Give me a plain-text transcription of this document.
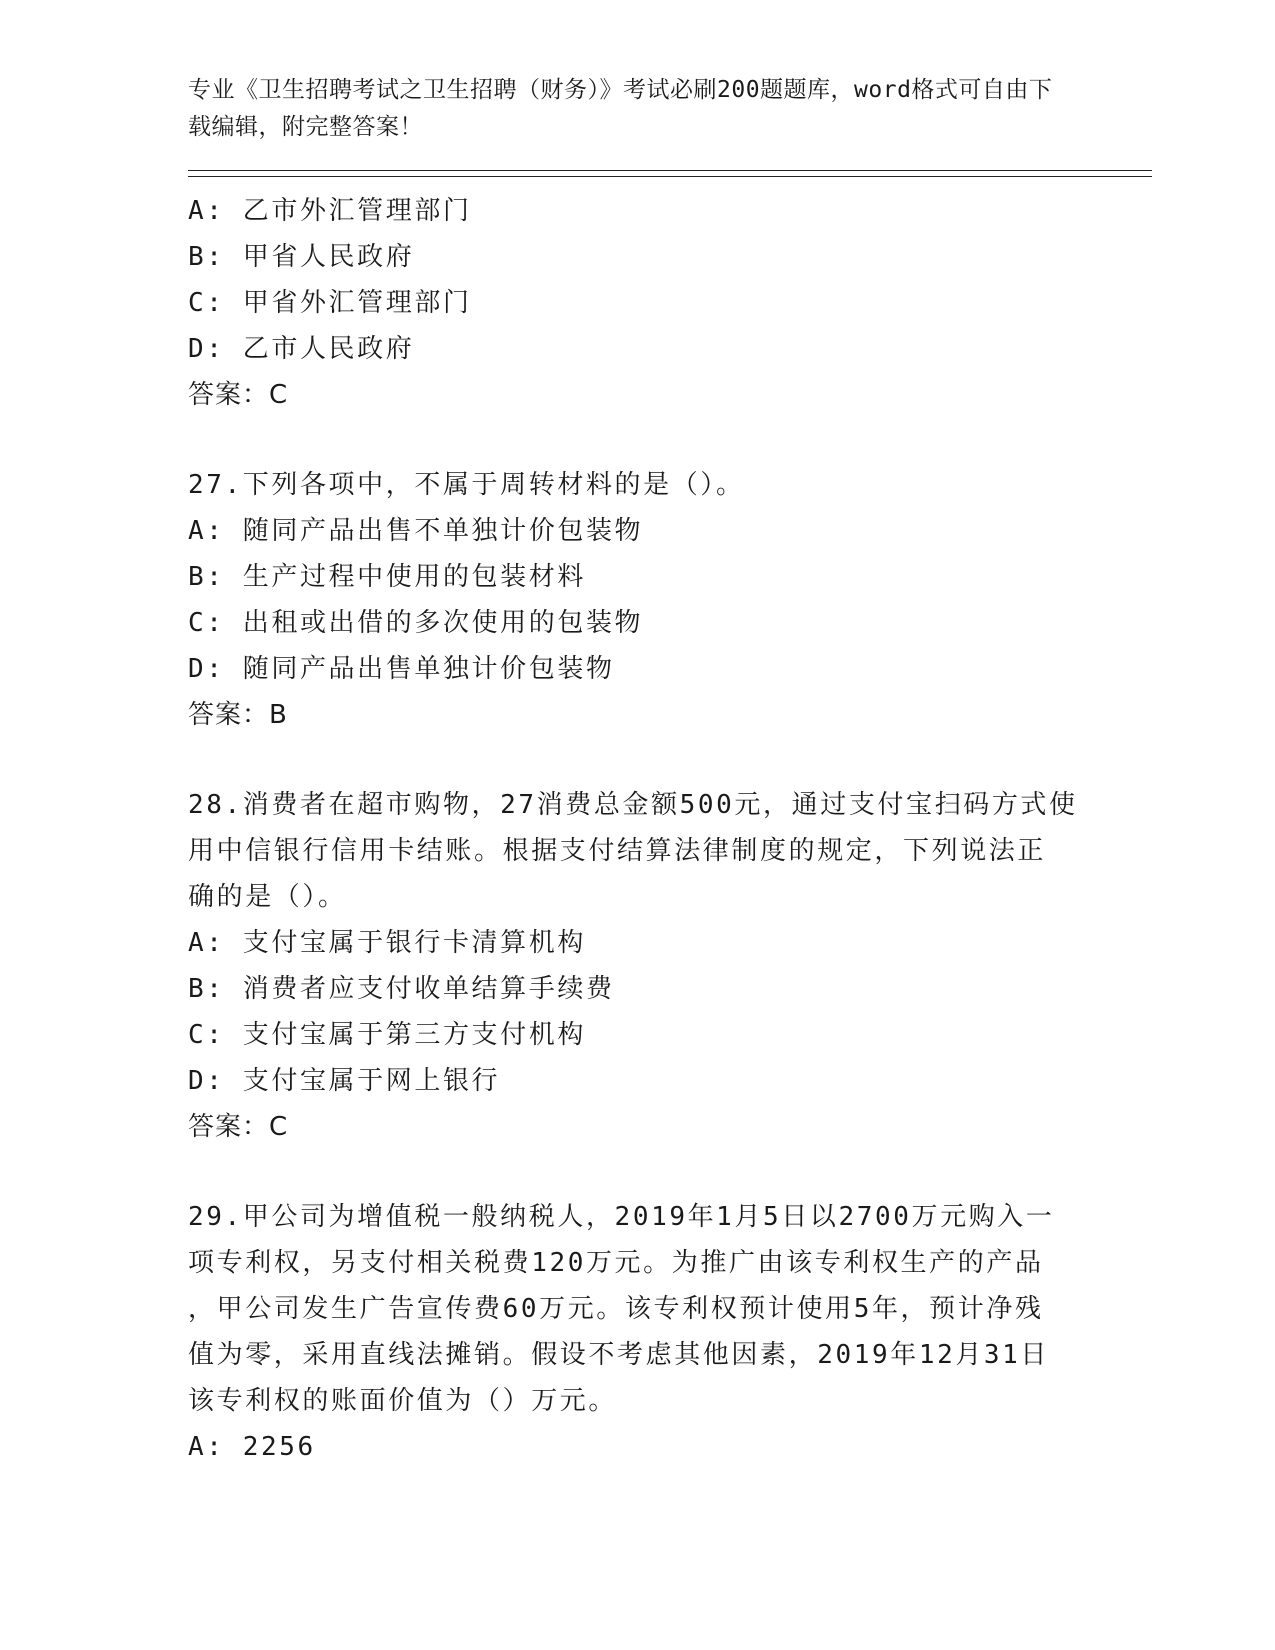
专业《卫生招聘考试之卫生招聘（财务）》考试必刷200题题库，word格式可自由下载编辑，附完整答案！
A: 乙市外汇管理部门
B: 甲省人民政府
C: 甲省外汇管理部门
D: 乙市人民政府
答案：C
27.下列各项中，不属于周转材料的是（）。
A: 随同产品出售不单独计价包装物
B: 生产过程中使用的包装材料
C: 出租或出借的多次使用的包装物
D: 随同产品出售单独计价包装物
答案：B
28.消费者在超市购物，27消费总金额500元，通过支付宝扫码方式使
用中信银行信用卡结账。根据支付结算法律制度的规定，下列说法正
确的是（）。
A: 支付宝属于银行卡清算机构
B: 消费者应支付收单结算手续费
C: 支付宝属于第三方支付机构
D: 支付宝属于网上银行
答案：C
29.甲公司为增值税一般纳税人，2019年1月5日以2700万元购入一
项专利权，另支付相关税费120万元。为推广由该专利权生产的产品
，甲公司发生广告宣传费60万元。该专利权预计使用5年，预计净残
值为零，采用直线法摊销。假设不考虑其他因素，2019年12月31日
该专利权的账面价值为（）万元。
A: 2256
